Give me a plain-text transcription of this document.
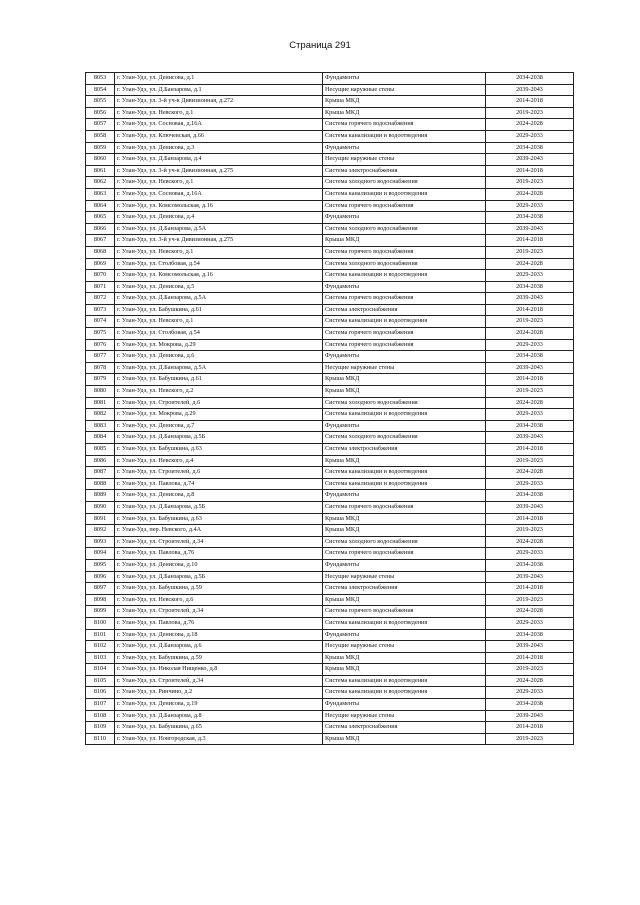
Страница 291
8053	г. Улан-Удэ, ул. Денисова, д.1	Фундаменты	2034-2038
8054	г. Улан-Удэ, ул. Д.Банзарова, д.1	Несущие наружные стены	2039-2043
8055	г. Улан-Удэ, ул. 3-й уч-к Дивизионная, д.272	Крыша МКД	2014-2018
8056	г. Улан-Удэ, ул. Невского, д.1	Крыша МКД	2019-2023
8057	г. Улан-Удэ, ул. Сосновая, д.16А	Система горячего водоснабжения	2024-2028
8058	г. Улан-Удэ, ул. Ключевская, д.66	Система канализации и водоотведения	2029-2033
8059	г. Улан-Удэ, ул. Денисова, д.3	Фундаменты	2034-2038
8060	г. Улан-Удэ, ул. Д.Банзарова, д.4	Несущие наружные стены	2039-2043
8061	г. Улан-Удэ, ул. 3-й уч-к Дивизионная, д.275	Система электроснабжения	2014-2018
8062	г. Улан-Удэ, ул. Невского, д.1	Система холодного водоснабжения	2019-2023
8063	г. Улан-Удэ, ул. Сосновая, д.16А	Система канализации и водоотведения	2024-2028
8064	г. Улан-Удэ, ул. Комсомольская, д.16	Система горячего водоснабжения	2029-2033
8065	г. Улан-Удэ, ул. Денисова, д.4	Фундаменты	2034-2038
8066	г. Улан-Удэ, ул. Д.Банзарова, д.5А	Система холодного водоснабжения	2039-2043
8067	г. Улан-Удэ, ул. 3-й уч-к Дивизионная, д.275	Крыша МКД	2014-2018
8068	г. Улан-Удэ, ул. Невского, д.1	Система горячего водоснабжения	2019-2023
8069	г. Улан-Удэ, ул. Столбовая, д.54	Система холодного водоснабжения	2024-2028
8070	г. Улан-Удэ, ул. Комсомольская, д.16	Система канализации и водоотведения	2029-2033
8071	г. Улан-Удэ, ул. Денисова, д.5	Фундаменты	2034-2038
8072	г. Улан-Удэ, ул. Д.Банзарова, д.5А	Система горячего водоснабжения	2039-2043
8073	г. Улан-Удэ, ул. Бабушкина, д.61	Система электроснабжения	2014-2018
8074	г. Улан-Удэ, ул. Невского, д.1	Система канализации и водоотведения	2019-2023
8075	г. Улан-Удэ, ул. Столбовая, д.54	Система горячего водоснабжения	2024-2028
8076	г. Улан-Удэ, ул. Мокрова, д.29	Система горячего водоснабжения	2029-2033
8077	г. Улан-Удэ, ул. Денисова, д.6	Фундаменты	2034-2038
8078	г. Улан-Удэ, ул. Д.Банзарова, д.5А	Несущие наружные стены	2039-2043
8079	г. Улан-Удэ, ул. Бабушкина, д.61	Крыша МКД	2014-2018
8080	г. Улан-Удэ, ул. Невского, д.2	Крыша МКД	2019-2023
8081	г. Улан-Удэ, ул. Строителей, д.6	Система холодного водоснабжения	2024-2028
8082	г. Улан-Удэ, ул. Мокрова, д.29	Система канализации и водоотведения	2029-2033
8083	г. Улан-Удэ, ул. Денисова, д.7	Фундаменты	2034-2038
8084	г. Улан-Удэ, ул. Д.Банзарова, д.5Б	Система холодного водоснабжения	2039-2043
8085	г. Улан-Удэ, ул. Бабушкина, д.63	Система электроснабжения	2014-2018
8086	г. Улан-Удэ, ул. Невского, д.4	Крыша МКД	2019-2023
8087	г. Улан-Удэ, ул. Строителей, д.6	Система канализации и водоотведения	2024-2028
8088	г. Улан-Удэ, ул. Павлова, д.74	Система канализации и водоотведения	2029-2033
8089	г. Улан-Удэ, ул. Денисова, д.8	Фундаменты	2034-2038
8090	г. Улан-Удэ, ул. Д.Банзарова, д.5Б	Система горячего водоснабжения	2039-2043
8091	г. Улан-Удэ, ул. Бабушкина, д.63	Крыша МКД	2014-2018
8092	г. Улан-Удэ, пер. Невского, д.4А	Крыша МКД	2019-2023
8093	г. Улан-Удэ, ул. Строителей, д.34	Система холодного водоснабжения	2024-2028
8094	г. Улан-Удэ, ул. Павлова, д.76	Система горячего водоснабжения	2029-2033
8095	г. Улан-Удэ, ул. Денисова, д.10	Фундаменты	2034-2038
8096	г. Улан-Удэ, ул. Д.Банзарова, д.5Б	Несущие наружные стены	2039-2043
8097	г. Улан-Удэ, ул. Бабушкина, д.59	Система электроснабжения	2014-2018
8098	г. Улан-Удэ, ул. Невского, д.6	Крыша МКД	2019-2023
8099	г. Улан-Удэ, ул. Строителей, д.34	Система горячего водоснабжения	2024-2028
8100	г. Улан-Удэ, ул. Павлова, д.76	Система канализации и водоотведения	2029-2033
8101	г. Улан-Удэ, ул. Денисова, д.18	Фундаменты	2034-2038
8102	г. Улан-Удэ, ул. Д.Банзарова, д.6	Несущие наружные стены	2039-2043
8103	г. Улан-Удэ, ул. Бабушкина, д.59	Крыша МКД	2014-2018
8104	г. Улан-Удэ, ул. Николая Нищенко, д.8	Крыша МКД	2019-2023
8105	г. Улан-Удэ, ул. Строителей, д.34	Система канализации и водоотведения	2024-2028
8106	г. Улан-Удэ, ул. Ринчино, д.2	Система канализации и водоотведения	2029-2033
8107	г. Улан-Удэ, ул. Денисова, д.19	Фундаменты	2034-2038
8108	г. Улан-Удэ, ул. Д.Банзарова, д.8	Несущие наружные стены	2039-2043
8109	г. Улан-Удэ, ул. Бабушкина, д.65	Система электроснабжения	2014-2018
8110	г. Улан-Удэ, ул. Новгородская, д.3	Крыша МКД	2019-2023
